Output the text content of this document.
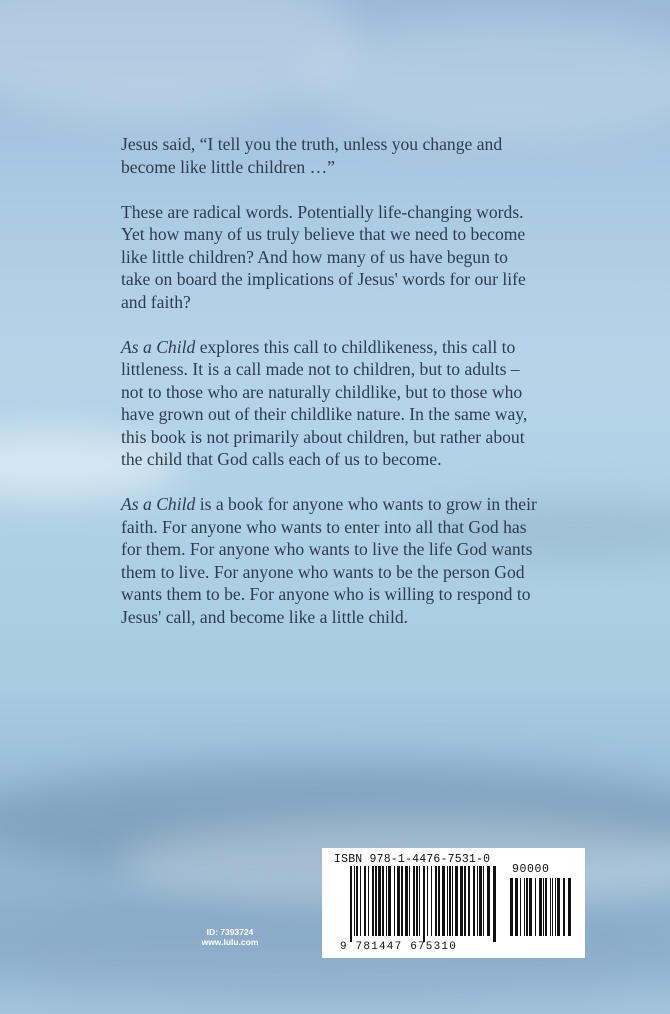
Jesus said, “I tell you the truth, unless you change and become like little children …”

These are radical words. Potentially life-changing words. Yet how many of us truly believe that we need to become like little children? And how many of us have begun to take on board the implications of Jesus' words for our life and faith?

As a Child explores this call to childlikeness, this call to littleness. It is a call made not to children, but to adults – not to those who are naturally childlike, but to those who have grown out of their childlike nature. In the same way, this book is not primarily about children, but rather about the child that God calls each of us to become.

As a Child is a book for anyone who wants to grow in their faith. For anyone who wants to enter into all that God has for them. For anyone who wants to live the life God wants them to live. For anyone who wants to be the person God wants them to be. For anyone who is willing to respond to Jesus' call, and become like a little child.

ID: 7393724
www.lulu.com
ISBN 978-1-4476-7531-0
90000
9 781447 675310
